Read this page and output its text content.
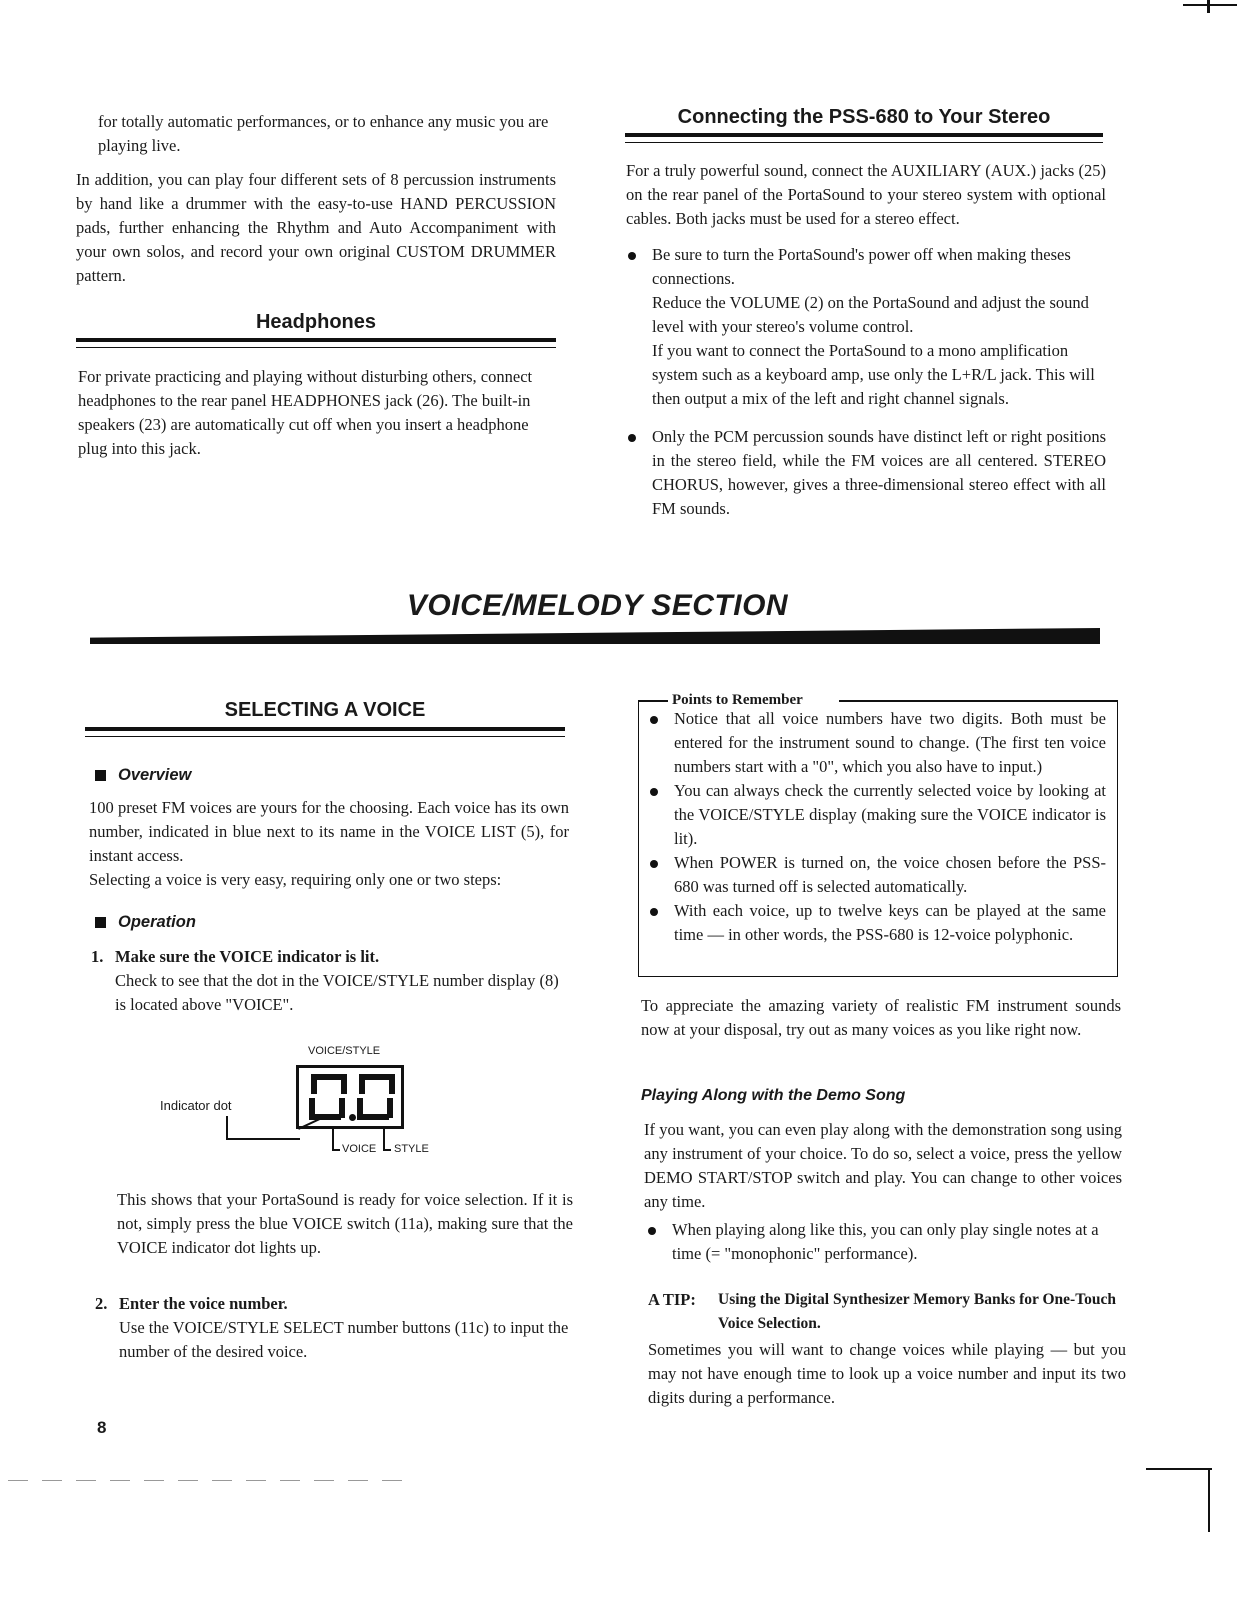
for totally automatic performances, or to enhance any music you are playing live.

In addition, you can play four different sets of 8 percussion instruments by hand like a drummer with the easy-to-use HAND PERCUSSION pads, further enhancing the Rhythm and Auto Accompaniment with your own solos, and record your own original CUSTOM DRUMMER pattern.

Headphones

For private practicing and playing without disturbing others, connect headphones to the rear panel HEADPHONES jack (26). The built-in speakers (23) are automatically cut off when you insert a headphone plug into this jack.

Connecting the PSS-680 to Your Stereo

For a truly powerful sound, connect the AUXILIARY (AUX.) jacks (25) on the rear panel of the PortaSound to your stereo system with optional cables. Both jacks must be used for a stereo effect.

Be sure to turn the PortaSound's power off when making theses connections.

Reduce the VOLUME (2) on the PortaSound and adjust the sound level with your stereo's volume control.

If you want to connect the PortaSound to a mono amplification system such as a keyboard amp, use only the L+R/L jack. This will then output a mix of the left and right channel signals.

Only the PCM percussion sounds have distinct left or right positions in the stereo field, while the FM voices are all centered. STEREO CHORUS, however, gives a three-dimensional stereo effect with all FM sounds.

VOICE/MELODY SECTION
SELECTING A VOICE
Overview

100 preset FM voices are yours for the choosing. Each voice has its own number, indicated in blue next to its name in the VOICE LIST (5), for instant access.

Selecting a voice is very easy, requiring only one or two steps:

Operation
1. Make sure the VOICE indicator is lit.

Check to see that the dot in the VOICE/STYLE number display (8) is located above "VOICE".

VOICE/STYLE
Indicator dot
VOICE STYLE

This shows that your PortaSound is ready for voice selection. If it is not, simply press the blue VOICE switch (11a), making sure that the VOICE indicator dot lights up.

2. Enter the voice number.

Use the VOICE/STYLE SELECT number buttons (11c) to input the number of the desired voice.

Points to Remember

Notice that all voice numbers have two digits. Both must be entered for the instrument sound to change. (The first ten voice numbers start with a "0", which you also have to input.)

You can always check the currently selected voice by looking at the VOICE/STYLE display (making sure the VOICE indicator is lit).

When POWER is turned on, the voice chosen before the PSS-680 was turned off is selected automatically.

With each voice, up to twelve keys can be played at the same time — in other words, the PSS-680 is 12-voice polyphonic.

To appreciate the amazing variety of realistic FM instrument sounds now at your disposal, try out as many voices as you like right now.

Playing Along with the Demo Song

If you want, you can even play along with the demonstration song using any instrument of your choice. To do so, select a voice, press the yellow DEMO START/STOP switch and play. You can change to other voices any time.

When playing along like this, you can only play single notes at a time (= "monophonic" performance).

A TIP:	Using the Digital Synthesizer Memory Banks for One-Touch Voice Selection.

Sometimes you will want to change voices while playing — but you may not have enough time to look up a voice number and input its two digits during a performance.

8
